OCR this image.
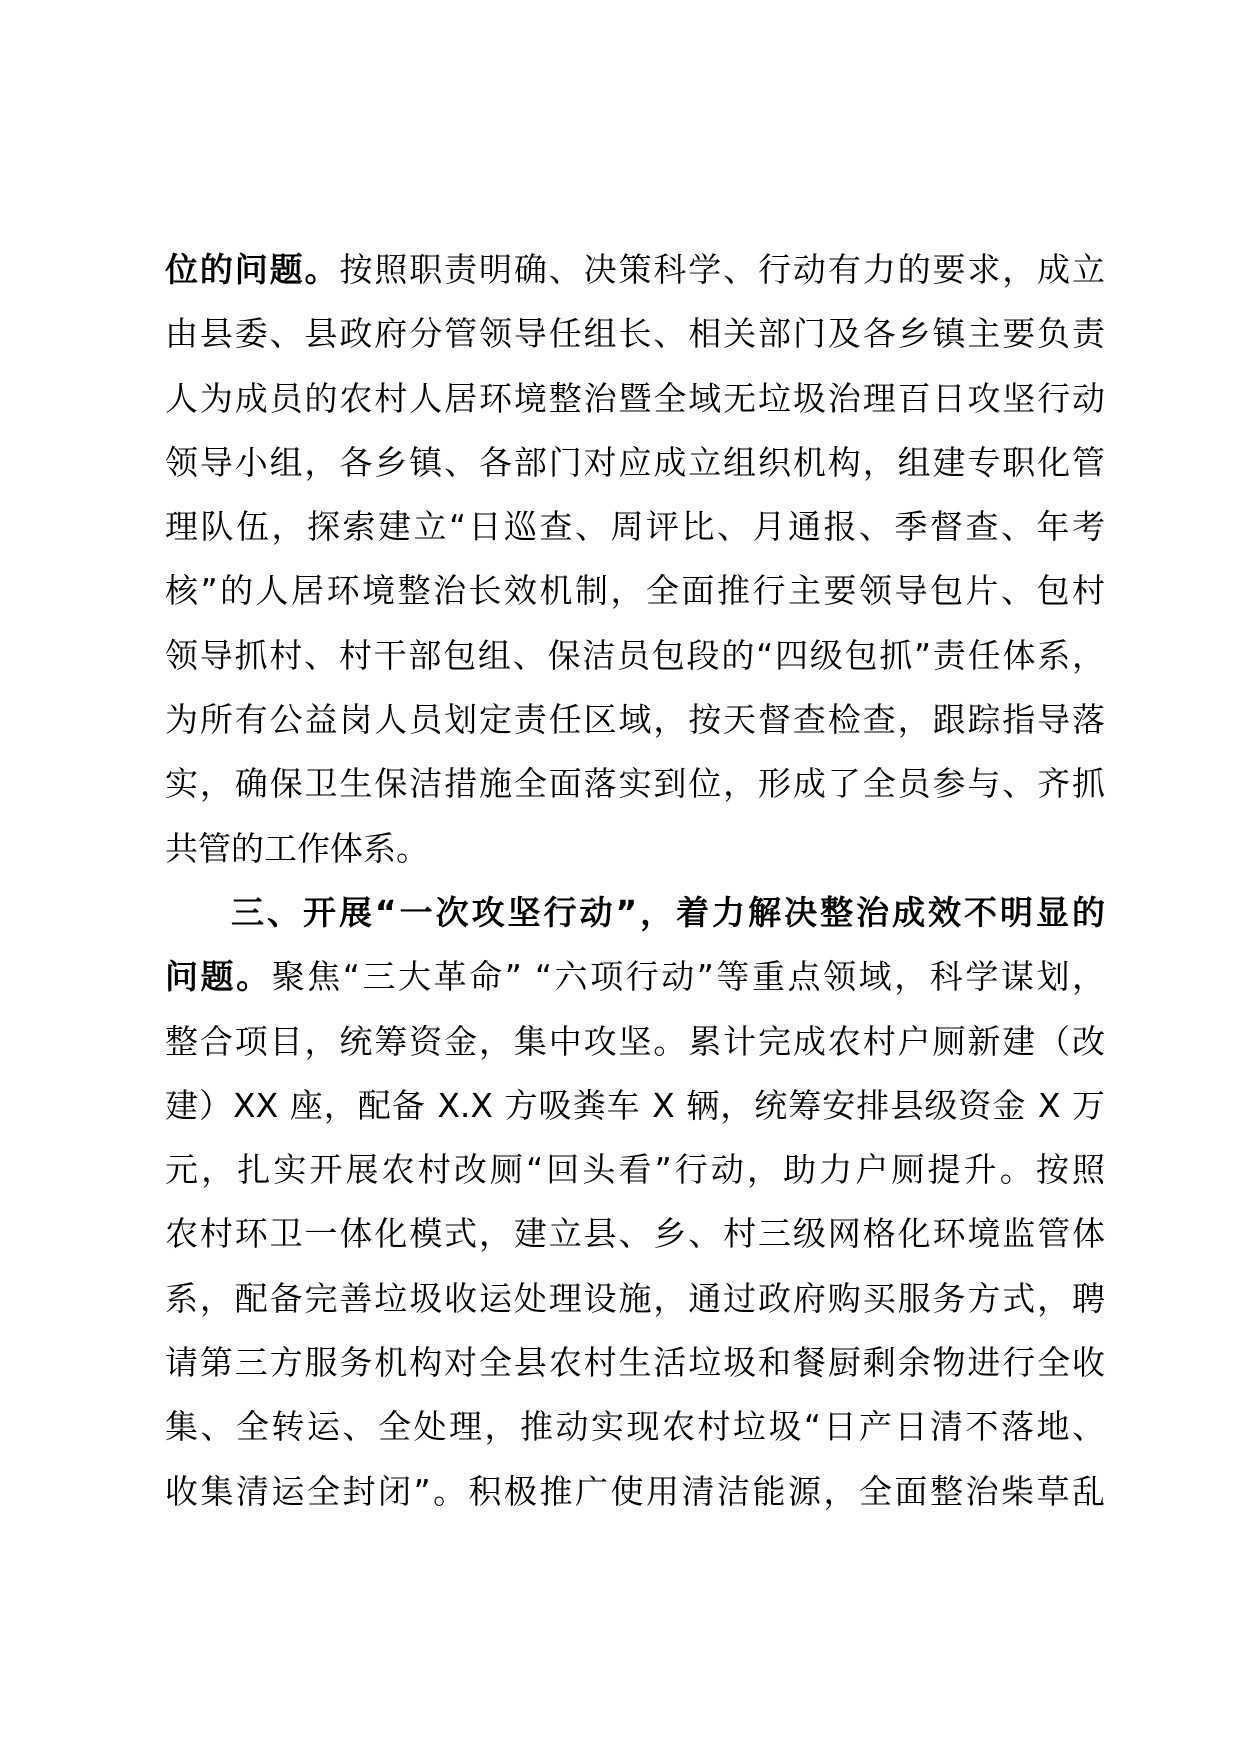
位的问题。按照职责明确、决策科学、行动有力的要求，成立
由县委、县政府分管领导任组长、相关部门及各乡镇主要负责
人为成员的农村人居环境整治暨全域无垃圾治理百日攻坚行动
领导小组，各乡镇、各部门对应成立组织机构，组建专职化管
理队伍，探索建立“日巡查、周评比、月通报、季督查、年考
核”的人居环境整治长效机制，全面推行主要领导包片、包村
领导抓村、村干部包组、保洁员包段的“四级包抓”责任体系，
为所有公益岗人员划定责任区域，按天督查检查，跟踪指导落
实，确保卫生保洁措施全面落实到位，形成了全员参与、齐抓
共管的工作体系。
三、开展“一次攻坚行动”，着力解决整治成效不明显的
问题。聚焦“三大革命” “六项行动”等重点领域，科学谋划，
整合项目，统筹资金，集中攻坚。累计完成农村户厕新建（改
建）XX 座，配备 X.X 方吸粪车 X 辆，统筹安排县级资金 X 万
元，扎实开展农村改厕“回头看”行动，助力户厕提升。按照
农村环卫一体化模式，建立县、乡、村三级网格化环境监管体
系，配备完善垃圾收运处理设施，通过政府购买服务方式，聘
请第三方服务机构对全县农村生活垃圾和餐厨剩余物进行全收
集、全转运、全处理，推动实现农村垃圾“日产日清不落地、
收集清运全封闭”。积极推广使用清洁能源，全面整治柴草乱
